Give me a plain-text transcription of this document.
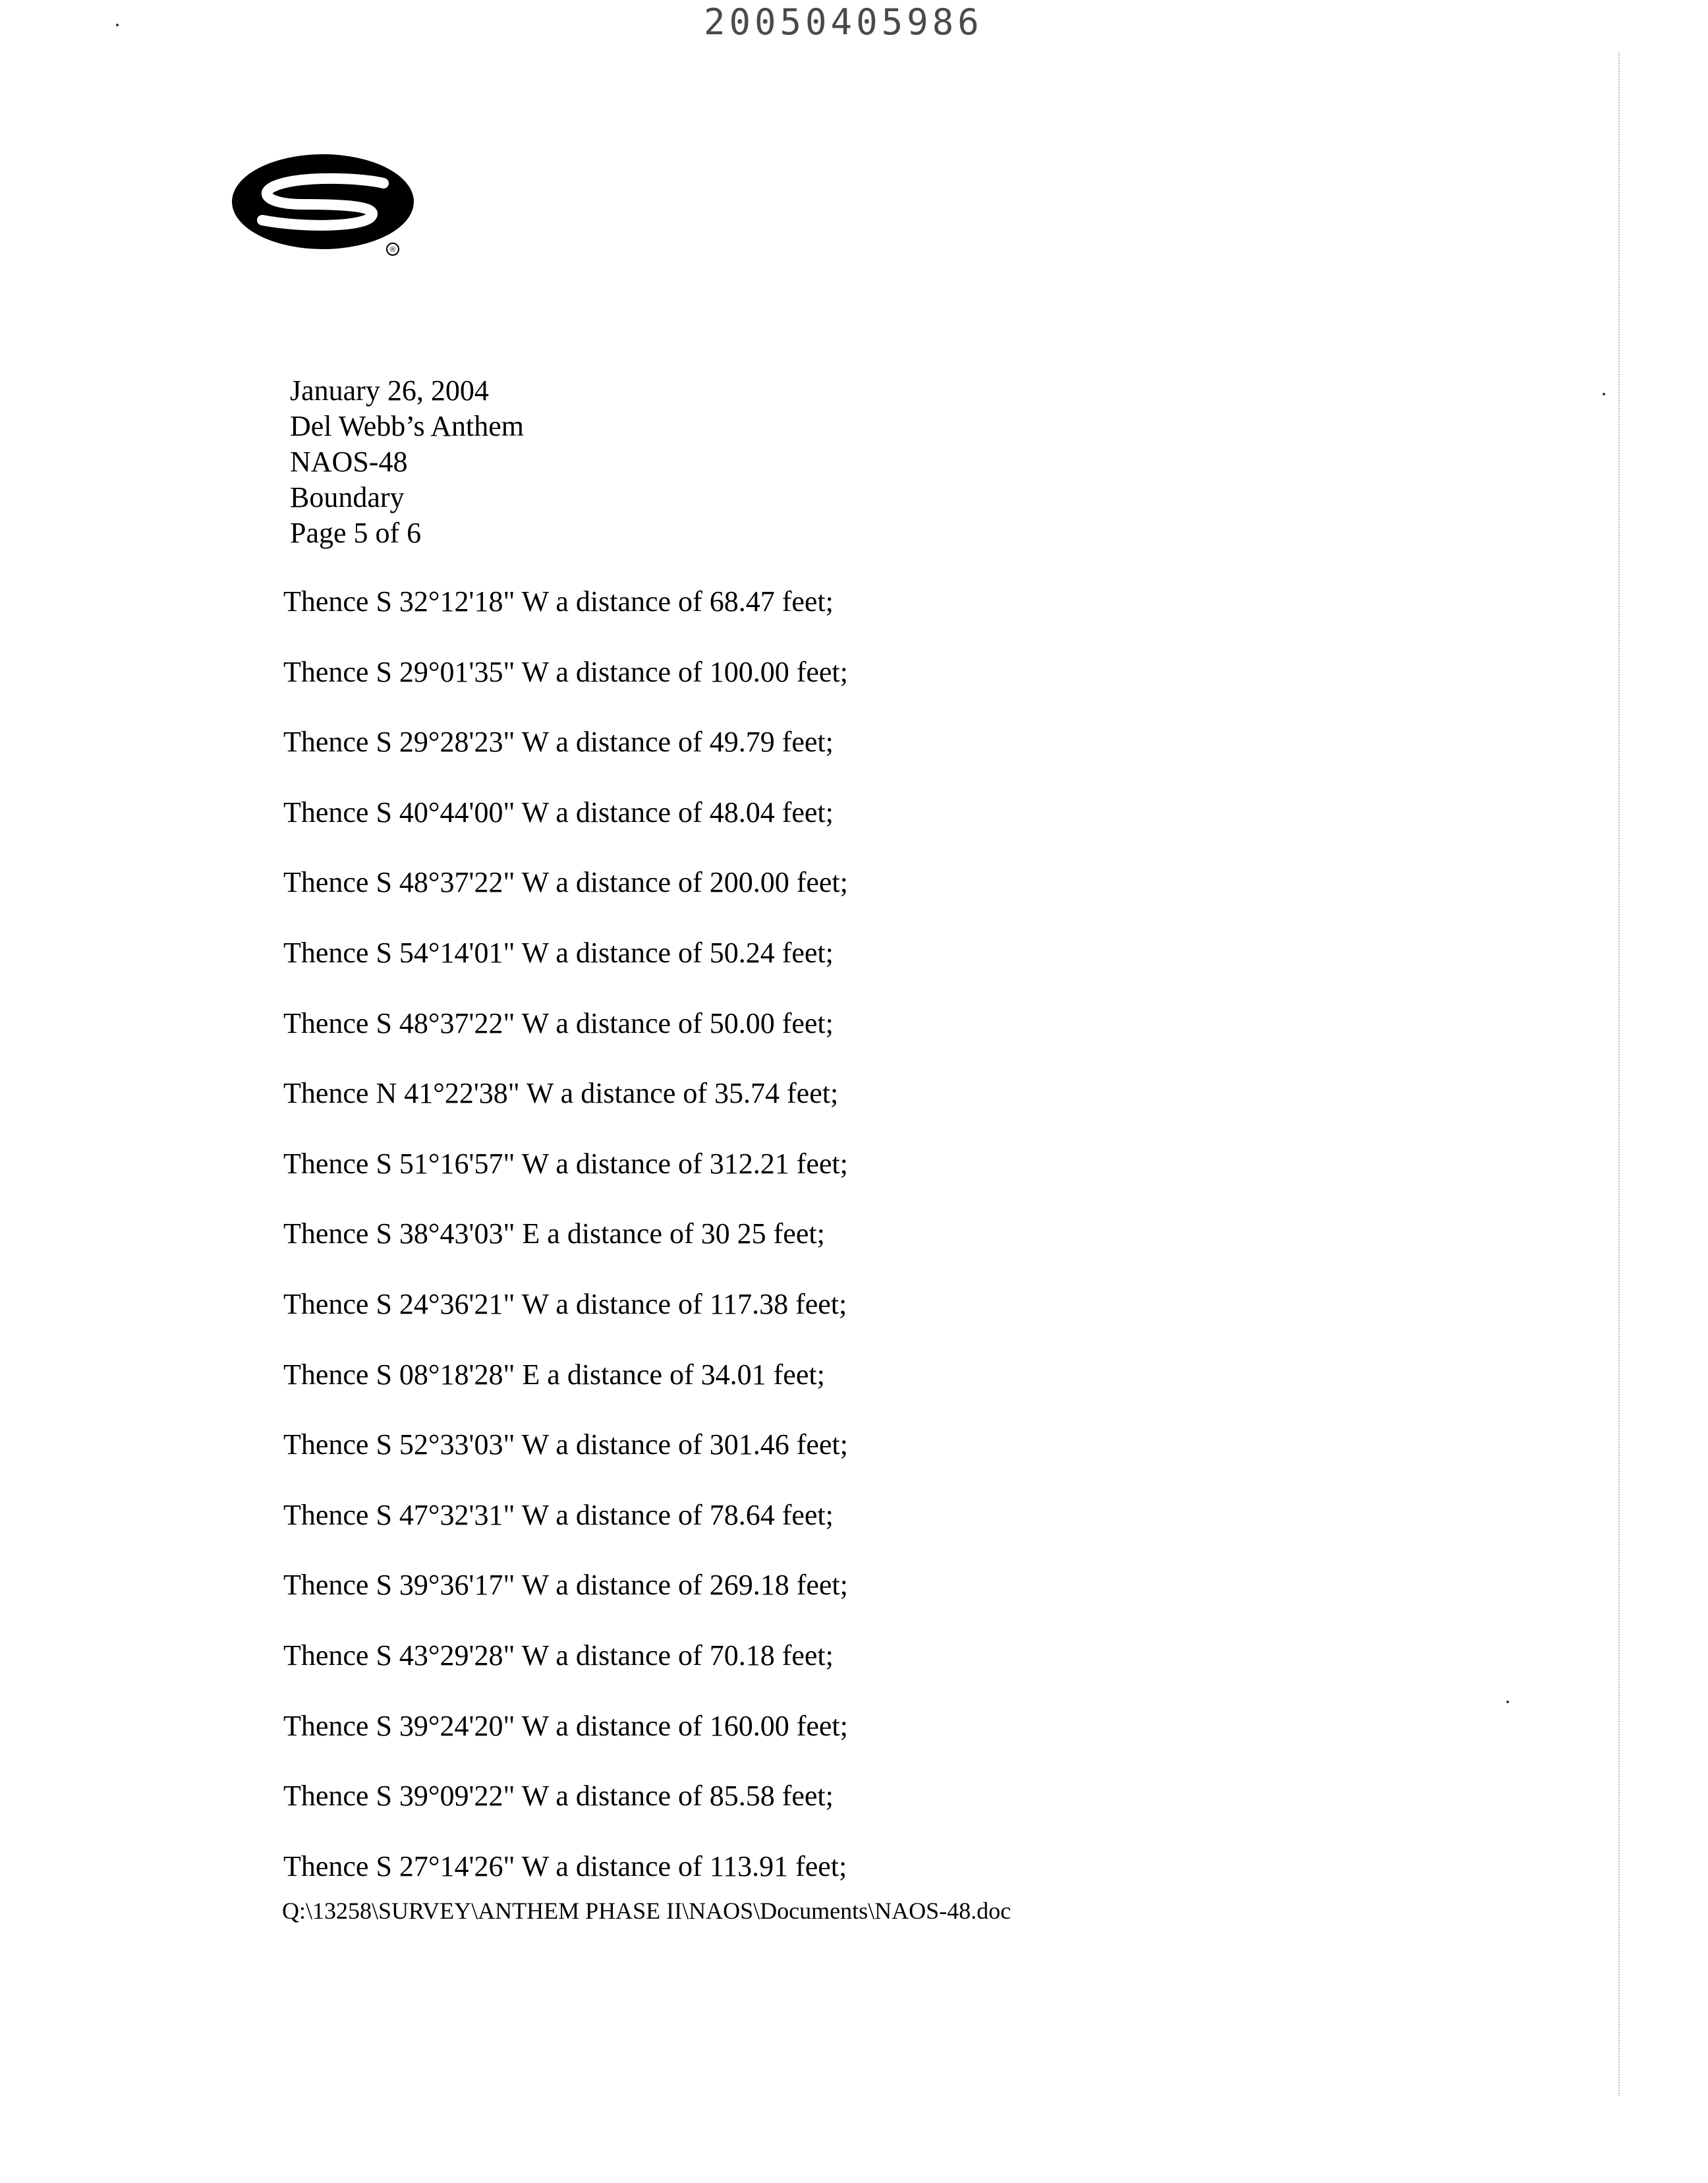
20050405986
®
January 26, 2004
Del Webb’s Anthem
NAOS-48
Boundary
Page 5 of 6
Thence S 32°12'18" W a distance of 68.47 feet;
Thence S 29°01'35" W a distance of 100.00 feet;
Thence S 29°28'23" W a distance of 49.79 feet;
Thence S 40°44'00" W a distance of 48.04 feet;
Thence S 48°37'22" W a distance of 200.00 feet;
Thence S 54°14'01" W a distance of 50.24 feet;
Thence S 48°37'22" W a distance of 50.00 feet;
Thence N 41°22'38" W a distance of 35.74 feet;
Thence S 51°16'57" W a distance of 312.21 feet;
Thence S 38°43'03" E a distance of 30 25 feet;
Thence S 24°36'21" W a distance of 117.38 feet;
Thence S 08°18'28" E a distance of 34.01 feet;
Thence S 52°33'03" W a distance of 301.46 feet;
Thence S 47°32'31" W a distance of 78.64 feet;
Thence S 39°36'17" W a distance of 269.18 feet;
Thence S 43°29'28" W a distance of 70.18 feet;
Thence S 39°24'20" W a distance of 160.00 feet;
Thence S 39°09'22" W a distance of 85.58 feet;
Thence S 27°14'26" W a distance of 113.91 feet;
Q:\13258\SURVEY\ANTHEM PHASE II\NAOS\Documents\NAOS-48.doc
